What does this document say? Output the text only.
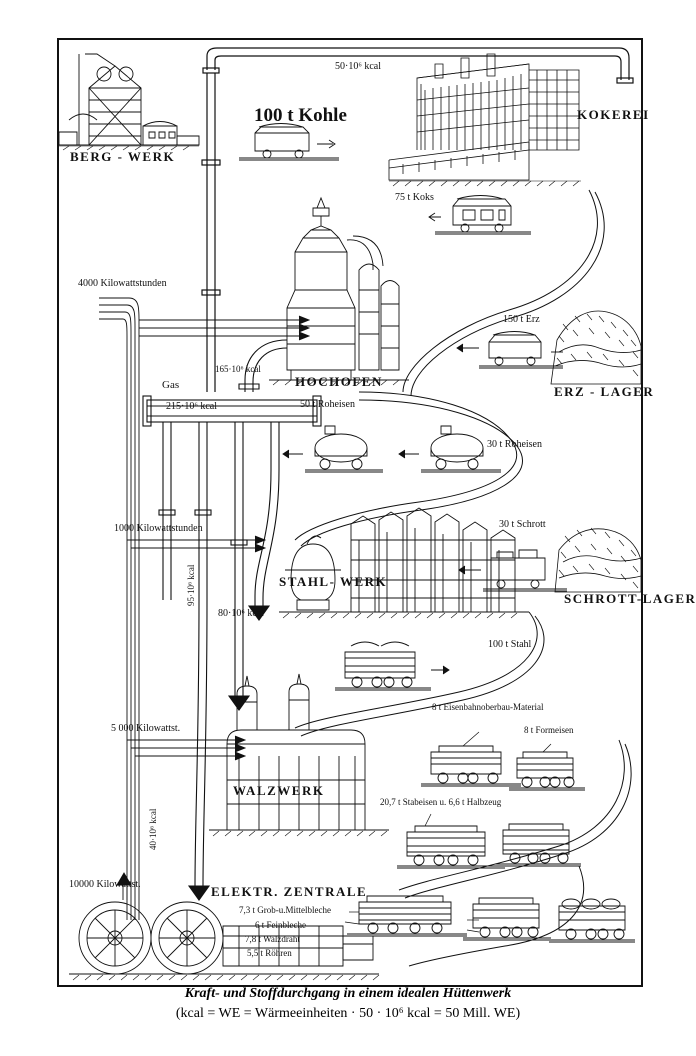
50·10⁶ kcal
100 t Kohle
BERG - WERK
KOKEREI
75 t Koks
4000 Kilowattstunden
150 t Erz
ERZ - LAGER
165·10⁶ kcal
HOCHOFEN
Gas
215·10⁶ kcal	50 t Roheisen
30 t Roheisen
1000 Kilowattstunden	30 t Schrott
STAHL- WERK
SCHROTT-LAGER
80·10⁶ kcal
100 t Stahl
95·10⁶ kcal
5 000 Kilowattst.
WALZWERK
40·10⁶ kcal
10000 Kilowattst.	ELEKTR. ZENTRALE
8 t Eisenbahnoberbau-Material
8 t Formeisen
20,7 t Stabeisen u. 6,6 t Halbzeug
7,3 t Grob-u.Mittelbleche
6 t Feinbleche
7,8 t Walzdraht
5,5 t Röhren
Kraft- und Stoffdurchgang in einem idealen Hüttenwerk
(kcal = WE = Wärmeeinheiten · 50 · 10⁶ kcal = 50 Mill. WE)
